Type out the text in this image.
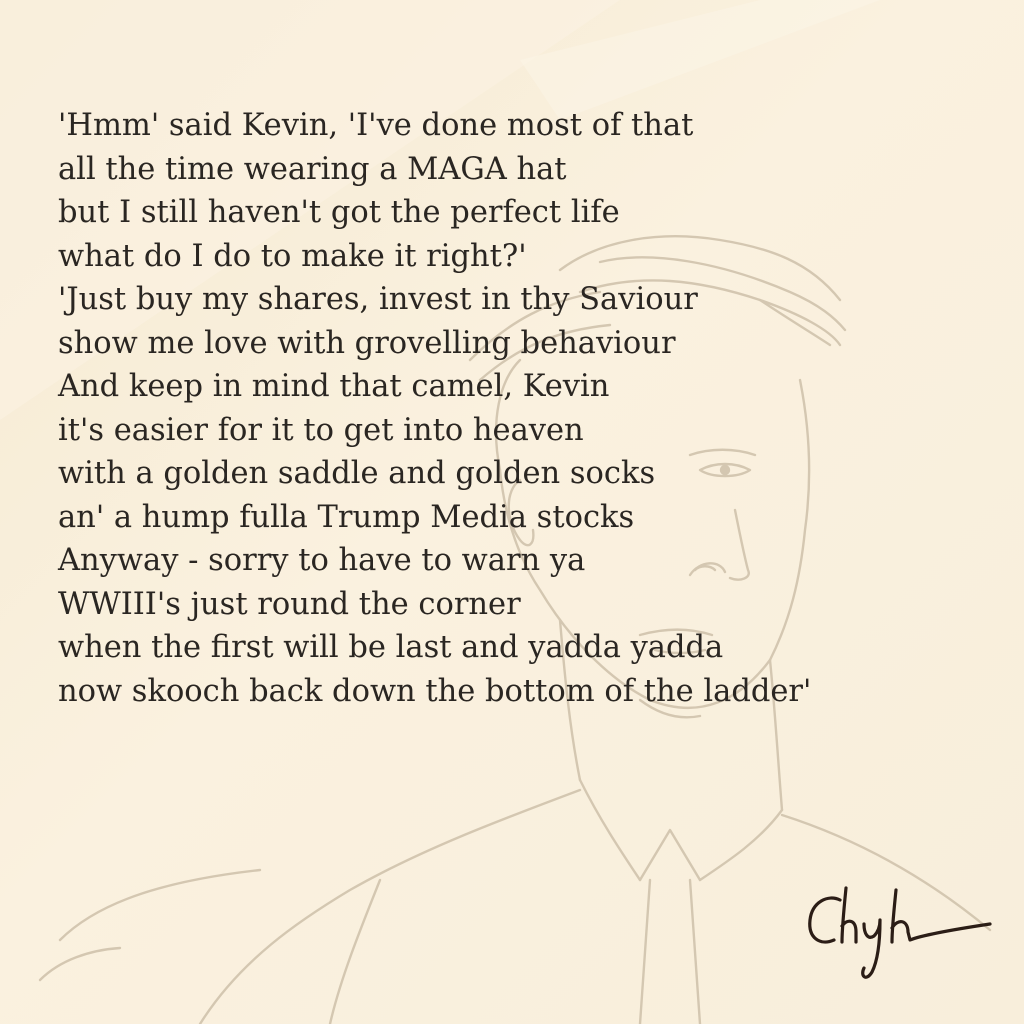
'Hmm' said Kevin, 'I've done most of that
all the time wearing a MAGA hat
but I still haven't got the perfect life
what do I do to make it right?'
'Just buy my shares, invest in thy Saviour
show me love with grovelling behaviour
And keep in mind that camel, Kevin
it's easier for it to get into heaven
with a golden saddle and golden socks
an' a hump fulla Trump Media stocks
Anyway - sorry to have to warn ya
WWIII's just round the corner
when the first will be last and yadda yadda
now skooch back down the bottom of the ladder'
